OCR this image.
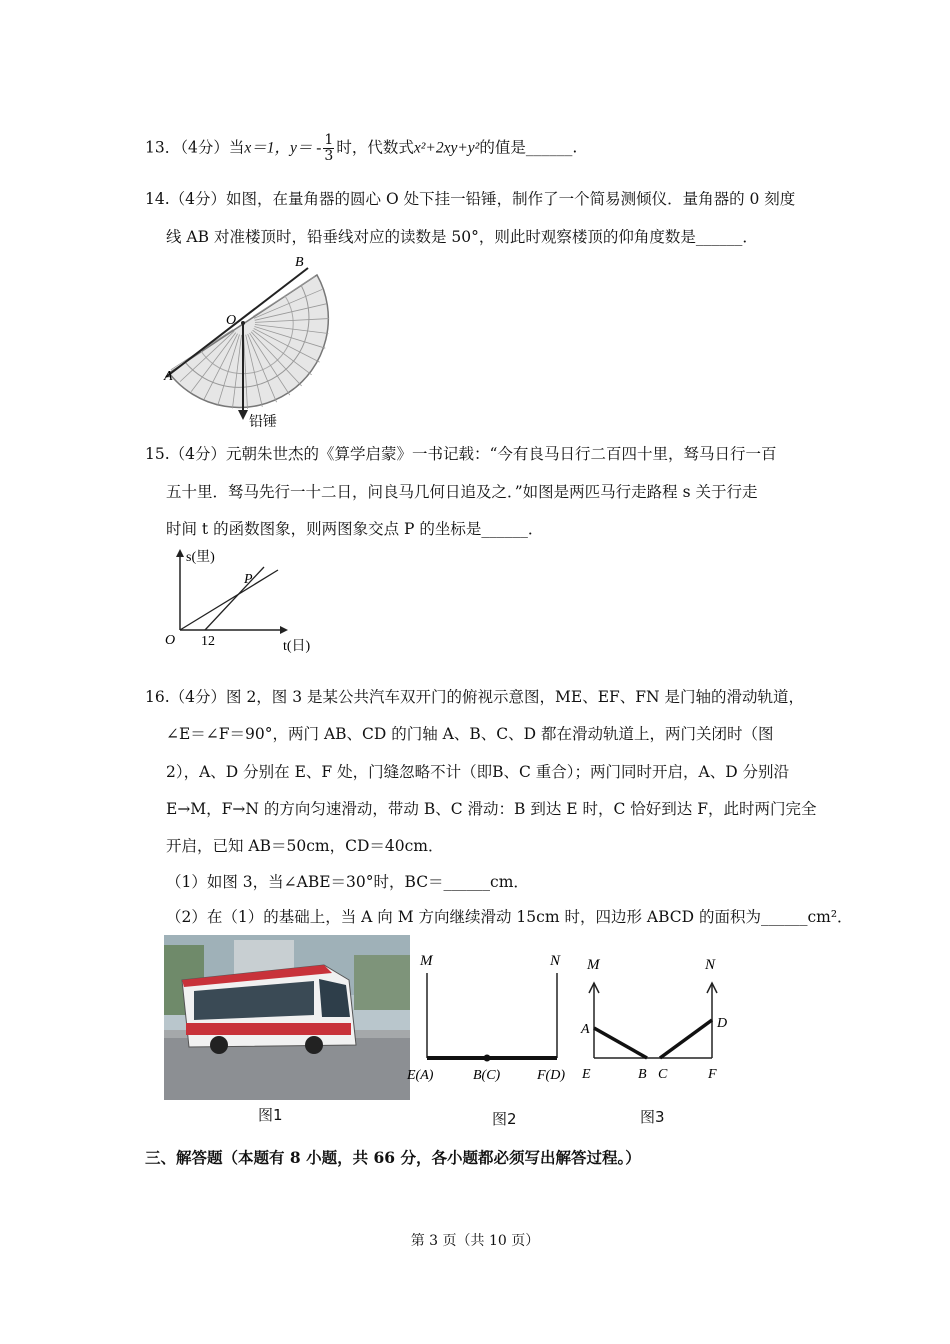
13．（4分）当x＝1，$y= - \frac{1}{3}$ 时，代数式x²+2xy+y²的值是______.
14.（4分）如图，在量角器的圆心 O 处下挂一铅锤，制作了一个简易测倾仪．量角器的 0 刻度
线 AB 对准楼顶时，铅垂线对应的读数是 50°，则此时观察楼顶的仰角度数是______．
A
B
O
铅锤
15.（4分）元朝朱世杰的《算学启蒙》一书记载：“今有良马日行二百四十里，驽马日行一百
五十里．驽马先行一十二日，问良马几何日追及之．”如图是两匹马行走路程 s 关于行走
时间 t 的函数图象，则两图象交点 P 的坐标是______．
s(里)
t(日)
O 12
P
16.（4分）图 2，图 3 是某公共汽车双开门的俯视示意图，ME、EF、FN 是门轴的滑动轨道，
∠E＝∠F＝90°，两门 AB、CD 的门轴 A、B、C、D 都在滑动轨道上，两门关闭时（图
2），A、D 分别在 E、F 处，门缝忽略不计（即B、C 重合）；两门同时开启，A、D 分别沿
E→M，F→N 的方向匀速滑动，带动 B、C 滑动：B 到达 E 时，C 恰好到达 F，此时两门完全
开启，已知 AB＝50cm，CD＝40cm．
（1）如图 3，当∠ABE＝30°时，BC＝______cm．
（2）在（1）的基础上，当 A 向 M 方向继续滑动 15cm 时，四边形 ABCD 的面积为______cm²．
M	N
E(A)	B(C)	F(D)
M	N
A	D
E	B C	F
图1	图2	图3
三、解答题（本题有 8 小题，共 66 分，各小题都必须写出解答过程。）
第 3 页（共 10 页）
